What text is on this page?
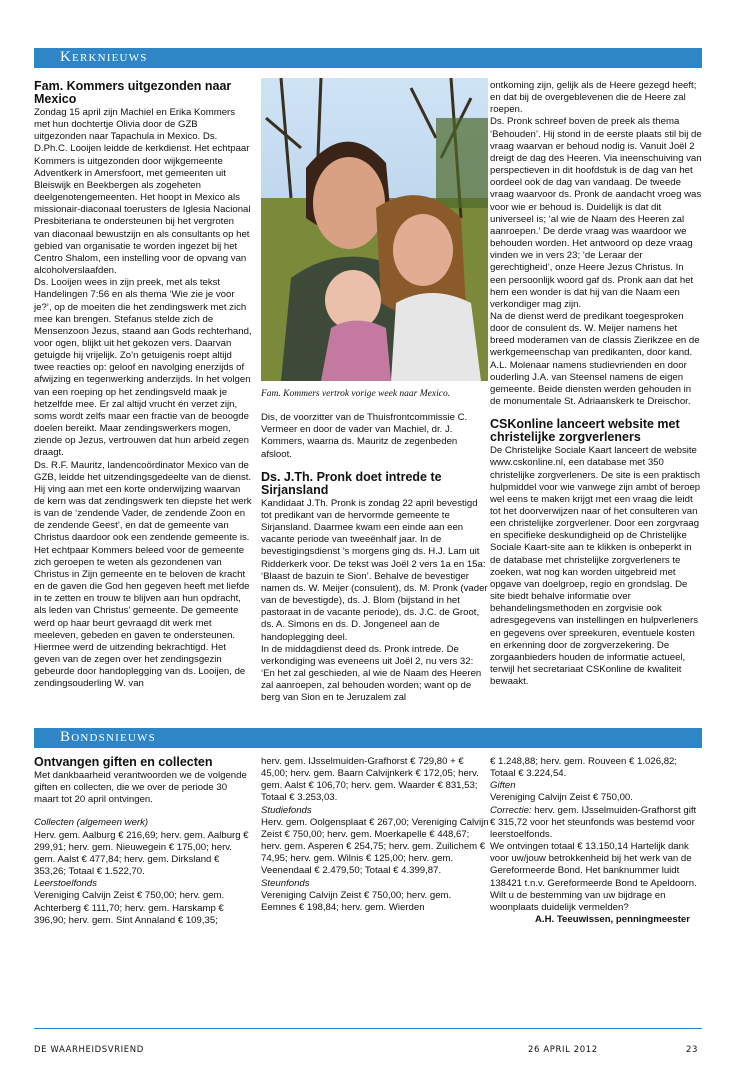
Kerknieuws
Fam. Kommers uitgezonden naar Mexico

Zondag 15 april zijn Machiel en Erika Kommers met hun dochtertje Olivia door de GZB uitgezonden naar Tapachula in Mexico. Ds. D.Ph.C. Looijen leidde de kerkdienst. Het echtpaar Kommers is uitgezonden door wijkgemeente Adventkerk in Amersfoort, met gemeenten uit Bleiswijk en Beekbergen als zogeheten deelgenotengemeenten. Het hoopt in Mexico als missionair-diaconaal toerusters de Iglesia Nacional Presbiteriana te ondersteunen bij het vergroten van diaconaal bewustzijn en als consultants op het gebied van organisatie te worden ingezet bij het Centro Shalom, een instelling voor de opvang van alcoholverslaafden.

Ds. Looijen wees in zijn preek, met als tekst Handelingen 7:56 en als thema ‘Wie zie je voor je?’, op de moeiten die het zendingswerk met zich mee kan brengen. Stefanus stelde zich de Mensenzoon Jezus, staand aan Gods rechterhand, voor ogen, blijkt uit het gekozen vers. Daarvan getuigde hij vrijelijk. Zo’n getuigenis roept altijd twee reacties op: geloof en navolging enerzijds of afwijzing en tegenwerking anderzijds. In het volgen van een roeping op het zendingsveld maak je hetzelfde mee. Er zal altijd vrucht én verzet zijn, soms wordt zelfs maar een fractie van de beoogde doelen bereikt. Maar zendingswerkers mogen, ziende op Jezus, vertrouwen dat hun arbeid zegen draagt.

Ds. R.F. Mauritz, landencoördinator Mexico van de GZB, leidde het uitzendingsgedeelte van de dienst. Hij ving aan met een korte onderwijzing waarvan de kern was dat zendingswerk ten diepste het werk is van de ‘zendende Vader, de zendende Zoon en de zendende Geest’, en dat de gemeente van Christus daardoor ook een zendende gemeente is. Het echtpaar Kommers beleed voor de gemeente zich geroepen te weten als gezondenen van Christus in Zijn gemeente en te beloven de kracht en de gaven die God hen gegeven heeft met liefde in te zetten en trouw te blijven aan hun opdracht, als leden van Christus’ gemeente. De gemeente werd op haar beurt gevraagd dit werk met meeleven, gebeden en gaven te ondersteunen. Hiermee werd de uitzending bekrachtigd. Het geven van de zegen over het zendingsgezin gebeurde door handoplegging van ds. Looijen, de zendingsouderling W. van

Fam. Kommers vertrok vorige week naar Mexico.

Dis, de voorzitter van de Thuisfrontcommissie C. Vermeer en door de vader van Machiel, dr. J. Kommers, waarna ds. Mauritz de zegenbeden afsloot.

Ds. J.Th. Pronk doet intrede te Sirjansland

Kandidaat J.Th. Pronk is zondag 22 april bevestigd tot predikant van de hervormde gemeente te Sirjansland. Daarmee kwam een einde aan een vacante periode van tweeënhalf jaar. In de bevestigingsdienst ’s morgens ging ds. H.J. Lam uit Ridderkerk voor. De tekst was Joël 2 vers 1a en 15a: ‘Blaast de bazuin te Sion’. Behalve de bevestiger namen ds. W. Meijer (consulent), ds. M. Pronk (vader van de bevestigde), ds. J. Blom (bijstand in het pastoraat in de vacante periode), ds. J.C. de Groot, ds. A. Simons en ds. D. Jongeneel aan de handoplegging deel.

In de middagdienst deed ds. Pronk intrede. De verkondiging was eveneens uit Joël 2, nu vers 32: ‘En het zal geschieden, al wie de Naam des Heeren zal aanroepen, zal behouden worden; want op de berg van Sion en te Jeruzalem zal

ontkoming zijn, gelijk als de Heere gezegd heeft; en dat bij de overgeblevenen die de Heere zal roepen.

Ds. Pronk schreef boven de preek als thema ‘Behouden’. Hij stond in de eerste plaats stil bij de vraag waarvan er behoud nodig is. Vanuit Joël 2 dreigt de dag des Heeren. Via ineenschuiving van perspectieven in dit hoofdstuk is de dag van het oordeel ook de dag van vandaag. De tweede vraag waarvoor ds. Pronk de aandacht vroeg was voor wie er behoud is. Duidelijk is dat dit universeel is; ‘al wie de Naam des Heeren zal aanroepen.’ De derde vraag was waardoor we behouden worden. Het antwoord op deze vraag vinden we in vers 23; ‘de Leraar der gerechtigheid’, onze Heere Jezus Christus. In een persoonlijk woord gaf ds. Pronk aan dat het hem een wonder is dat hij van die Naam een verkondiger mag zijn.

Na de dienst werd de predikant toegesproken door de consulent ds. W. Meijer namens het breed moderamen van de classis Zierikzee en de werkgemeenschap van predikanten, door kand. A.L. Molenaar namens studievrienden en door ouderling J.A. van Steensel namens de eigen gemeente. Beide diensten werden gehouden in de monumentale St. Adriaanskerk te Dreischor.

CSKonline lanceert website met christelijke zorgverleners

De Christelijke Sociale Kaart lanceert de website www.cskonline.nl, een database met 350 christelijke zorgverleners. De site is een praktisch hulpmiddel voor wie vanwege zijn ambt of beroep wel eens te maken krijgt met een vraag die leidt tot het doorverwijzen naar of het consulteren van een christelijke zorgverlener. Door een zorgvraag en specifieke deskundigheid op de Christelijke Sociale Kaart-site aan te klikken is onbeperkt in de database met christelijke zorgverleners te zoeken, wat nog kan worden uitgebreid met opgave van doelgroep, regio en grondslag. De site biedt behalve informatie over behandelingsmethoden en zorgvisie ook adresgegevens van instellingen en hulpverleners en gegevens over spreekuren, eventuele kosten en erkenning door de zorgverzekering. De zorgaanbieders houden de informatie actueel, terwijl het secretariaat CSKonline de kwaliteit bewaakt.

Bondsnieuws
Ontvangen giften en collecten

Met dankbaarheid verantwoorden we de volgende giften en collecten, die we over de periode 30 maart tot 20 april ontvingen.

Collecten (algemeen werk)

Herv. gem. Aalburg € 216,69; herv. gem. Aalburg € 299,91; herv. gem. Nieuwegein € 175,00; herv. gem. Aalst € 477,84; herv. gem. Dirksland € 353,26; Totaal € 1.522,70.

Leerstoelfonds

Vereniging Calvijn Zeist € 750,00; herv. gem. Achterberg € 111,70; herv. gem. Harskamp € 396,90; herv. gem. Sint Annaland € 109,35;

herv. gem. IJsselmuiden-Grafhorst € 729,80 + € 45,00; herv. gem. Baarn Calvijnkerk € 172,05; herv. gem. Aalst € 106,70; herv. gem. Waarder € 831,53; Totaal € 3.253,03.

Studiefonds

Herv. gem. Oolgensplaat € 267,00; Vereniging Calvijn Zeist € 750,00; herv. gem. Moerkapelle € 448,67; herv. gem. Asperen € 254,75; herv. gem. Zuilichem € 74,95; herv. gem. Wilnis € 125,00; herv. gem. Veenendaal € 2.479,50; Totaal € 4.399,87.

Steunfonds

Vereniging Calvijn Zeist € 750,00; herv. gem. Eemnes € 198,84; herv. gem. Wierden

€ 1.248,88; herv. gem. Rouveen € 1.026,82; Totaal € 3.224,54.

Giften

Vereniging Calvijn Zeist € 750,00.

Correctie: herv. gem. IJsselmuiden-Grafhorst gift € 315,72 voor het steunfonds was bestemd voor leerstoelfonds.

We ontvingen totaal € 13.150,14 Hartelijk dank voor uw/jouw betrokkenheid bij het werk van de Gereformeerde Bond. Het banknummer luidt 138421 t.n.v. Gereformeerde Bond te Apeldoorn. Wilt u de bestemming van uw bijdrage en woonplaats duidelijk vermelden?

A.H. Teeuwissen, penningmeester

DE WAARHEIDSVRIEND	26 APRIL 2012	23
